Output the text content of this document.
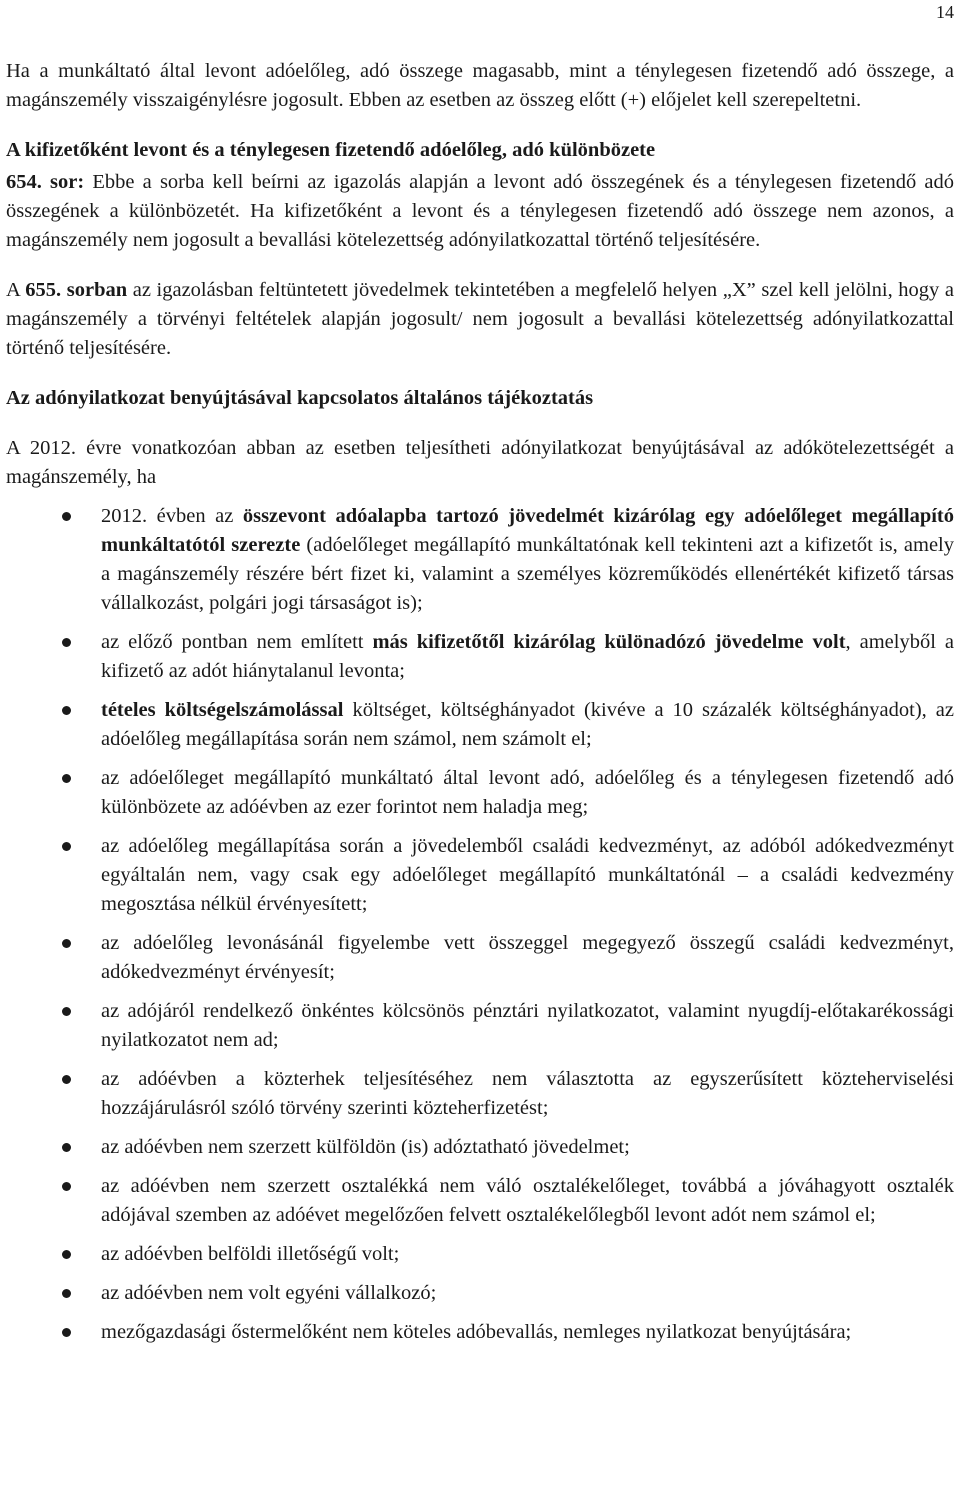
14

Ha a munkáltató által levont adóelőleg, adó összege magasabb, mint a ténylegesen fizetendő adó összege, a magánszemély visszaigénylésre jogosult. Ebben az esetben az összeg előtt (+) előjelet kell szerepeltetni.

A kifizetőként levont és a ténylegesen fizetendő adóelőleg, adó különbözete

654. sor: Ebbe a sorba kell beírni az igazolás alapján a levont adó összegének és a ténylegesen fizetendő adó összegének a különbözetét. Ha kifizetőként a levont és a ténylegesen fizetendő adó összege nem azonos, a magánszemély nem jogosult a bevallási kötelezettség adónyilatkozattal történő teljesítésére.

A 655. sorban az igazolásban feltüntetett jövedelmek tekintetében a megfelelő helyen „X” szel kell jelölni, hogy a magánszemély a törvényi feltételek alapján jogosult/ nem jogosult a bevallási kötelezettség adónyilatkozattal történő teljesítésére.

Az adónyilatkozat benyújtásával kapcsolatos általános tájékoztatás

A 2012. évre vonatkozóan abban az esetben teljesítheti adónyilatkozat benyújtásával az adókötelezettségét a magánszemély, ha

2012. évben az összevont adóalapba tartozó jövedelmét kizárólag egy adóelőleget megállapító munkáltatótól szerezte (adóelőleget megállapító munkáltatónak kell tekinteni azt a kifizetőt is, amely a magánszemély részére bért fizet ki, valamint a személyes közreműködés ellenértékét kifizető társas vállalkozást, polgári jogi társaságot is);
az előző pontban nem említett más kifizetőtől kizárólag különadózó jövedelme volt, amelyből a kifizető az adót hiánytalanul levonta;
tételes költségelszámolással költséget, költséghányadot (kivéve a 10 százalék költséghányadot), az adóelőleg megállapítása során nem számol, nem számolt el;
az adóelőleget megállapító munkáltató által levont adó, adóelőleg és a ténylegesen fizetendő adó különbözete az adóévben az ezer forintot nem haladja meg;
az adóelőleg megállapítása során a jövedelemből családi kedvezményt, az adóból adókedvezményt egyáltalán nem, vagy csak egy adóelőleget megállapító munkáltatónál – a családi kedvezmény megosztása nélkül érvényesített;
az adóelőleg levonásánál figyelembe vett összeggel megegyező összegű családi kedvezményt, adókedvezményt érvényesít;
az adójáról rendelkező önkéntes kölcsönös pénztári nyilatkozatot, valamint nyugdíj-előtakarékossági nyilatkozatot nem ad;
az adóévben a közterhek teljesítéséhez nem választotta az egyszerűsített közteherviselési hozzájárulásról szóló törvény szerinti közteherfizetést;
az adóévben nem szerzett külföldön (is) adóztatható jövedelmet;
az adóévben nem szerzett osztalékká nem váló osztalékelőleget, továbbá a jóváhagyott osztalék adójával szemben az adóévet megelőzően felvett osztalékelőlegből levont adót nem számol el;
az adóévben belföldi illetőségű volt;
az adóévben nem volt egyéni vállalkozó;
mezőgazdasági őstermelőként nem köteles adóbevallás, nemleges nyilatkozat benyújtására;
